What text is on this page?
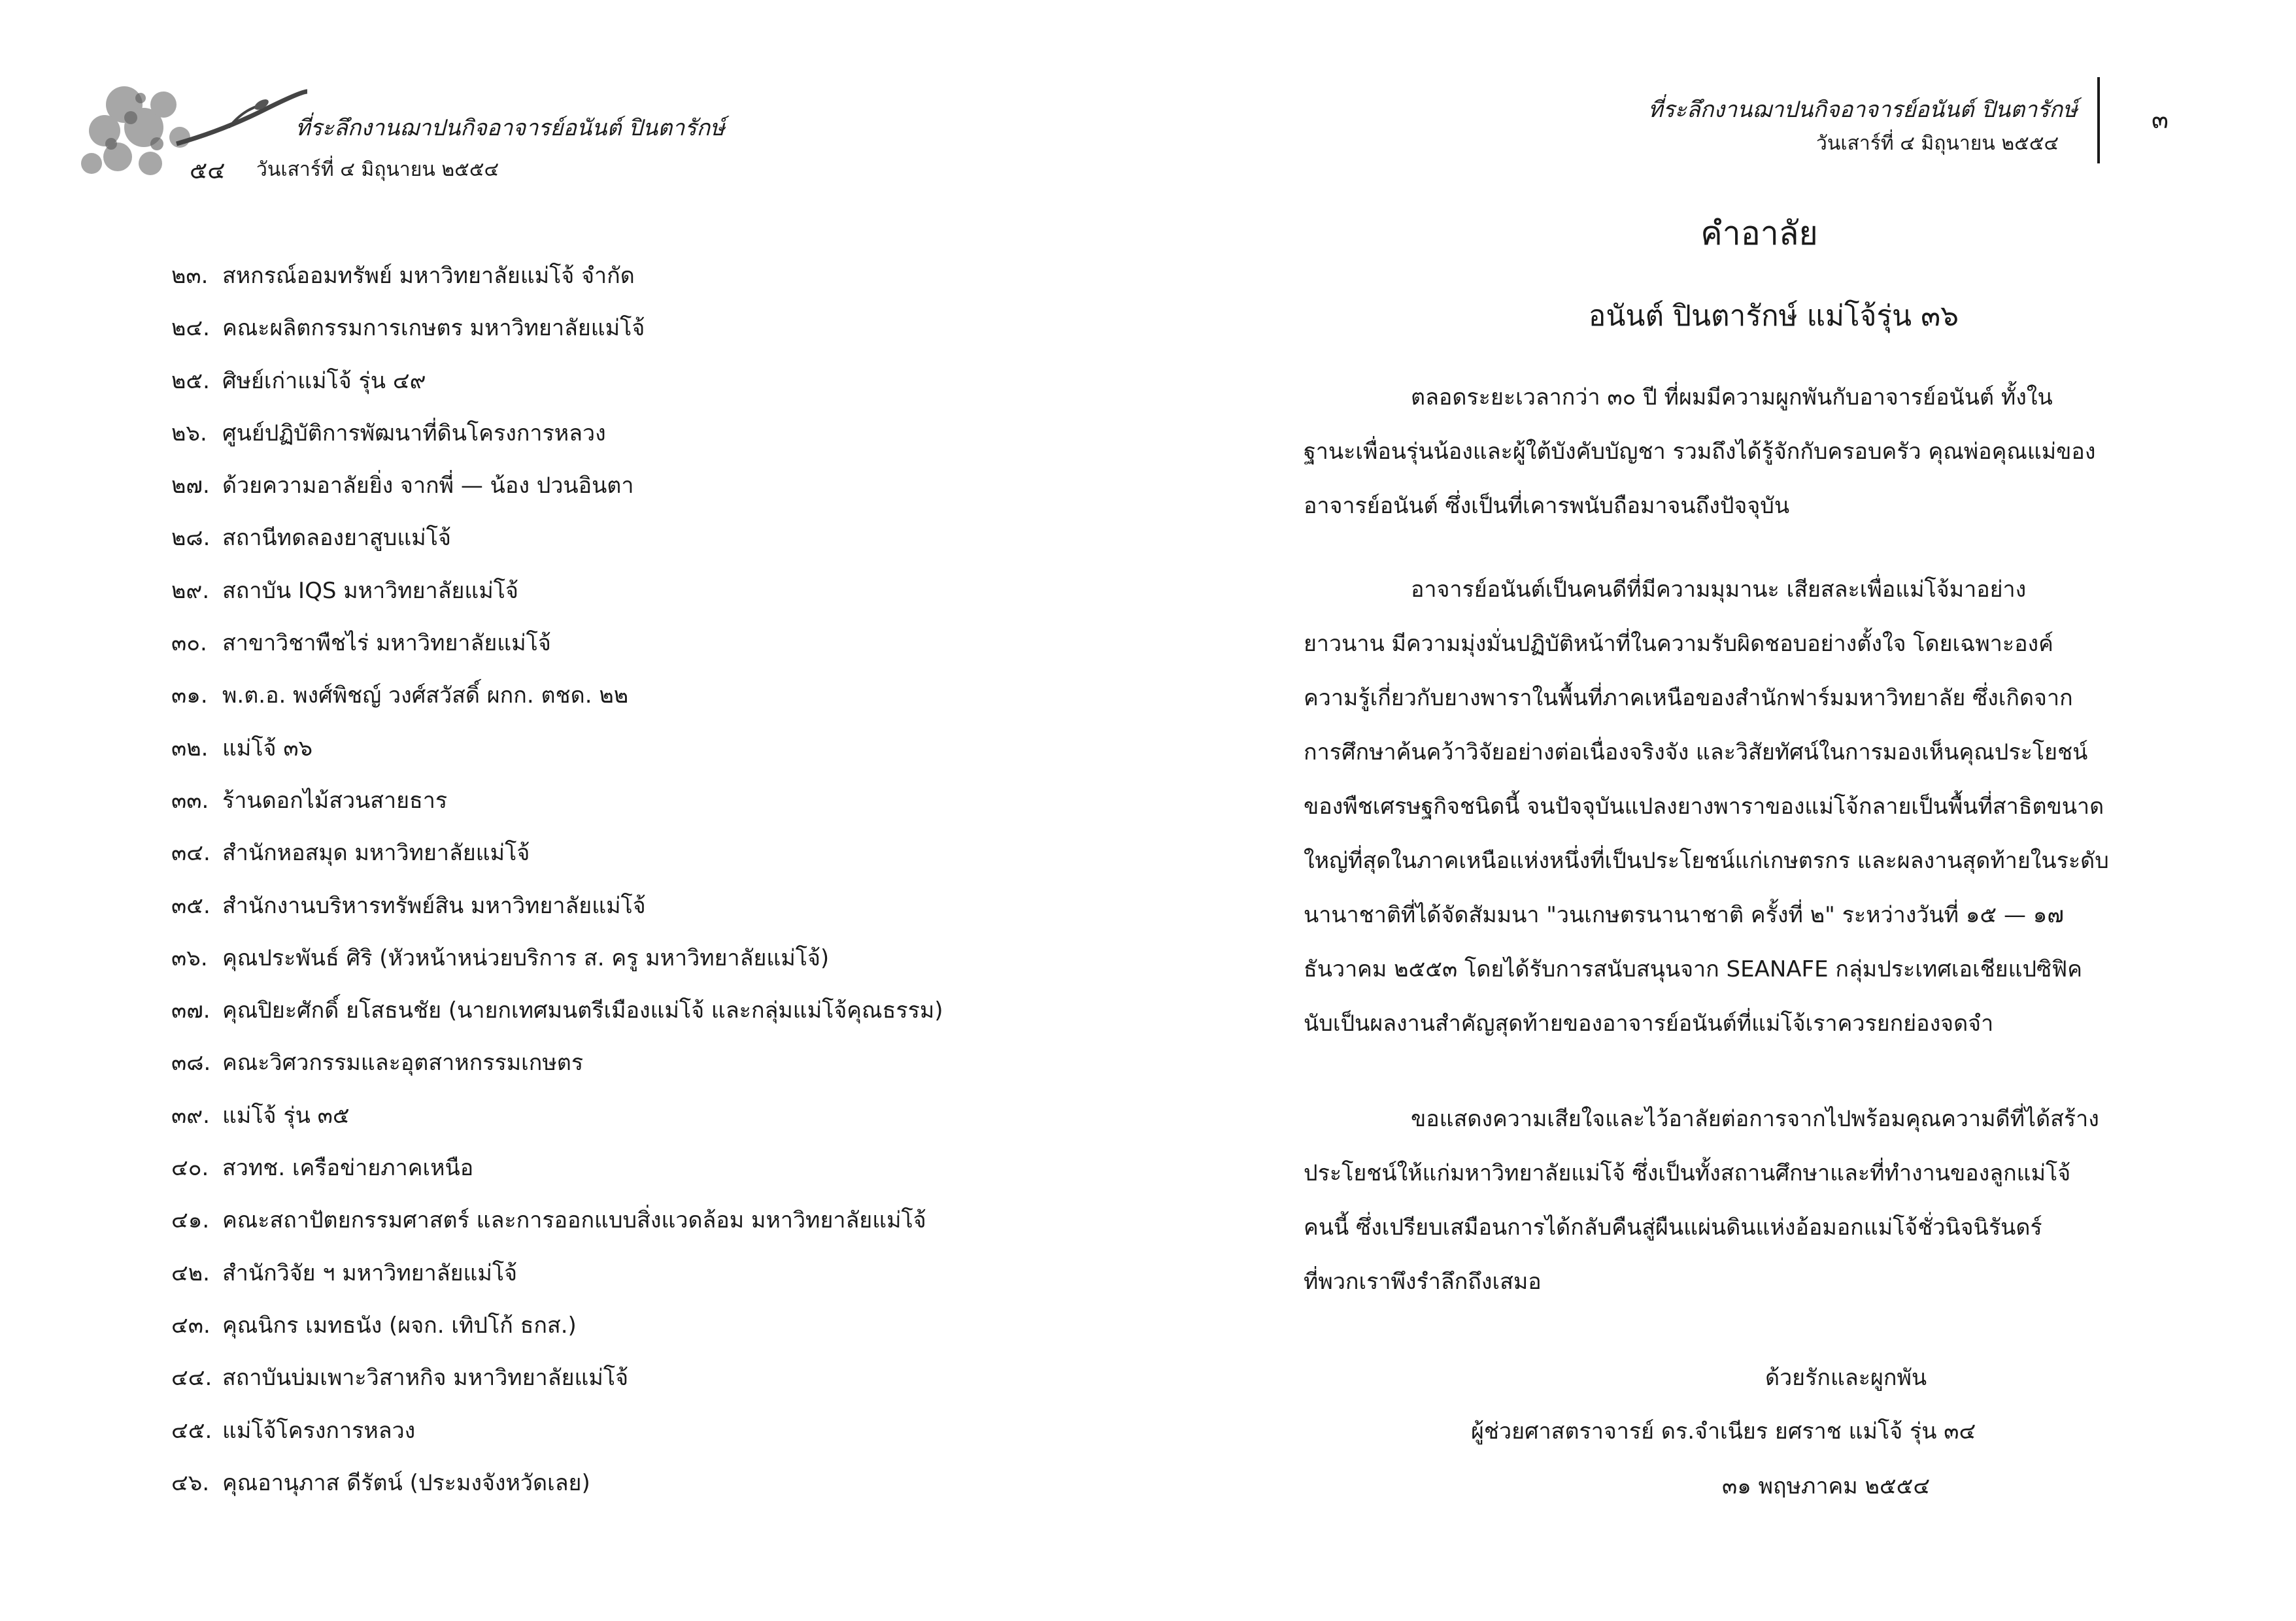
ที่ระลึกงานฌาปนกิจอาจารย์อนันต์ ปินตารักษ์
๕๔ วันเสาร์ที่ ๔ มิถุนายน ๒๕๕๔
๒๓. สหกรณ์ออมทรัพย์ มหาวิทยาลัยแม่โจ้ จำกัด
๒๔. คณะผลิตกรรมการเกษตร มหาวิทยาลัยแม่โจ้
๒๕. ศิษย์เก่าแม่โจ้ รุ่น ๔๙
๒๖. ศูนย์ปฏิบัติการพัฒนาที่ดินโครงการหลวง
๒๗. ด้วยความอาลัยยิ่ง จากพี่ — น้อง ปวนอินตา
๒๘. สถานีทดลองยาสูบแม่โจ้
๒๙. สถาบัน IQS มหาวิทยาลัยแม่โจ้
๓๐. สาขาวิชาพืชไร่ มหาวิทยาลัยแม่โจ้
๓๑. พ.ต.อ. พงศ์พิชญ์ วงศ์สวัสดิ์ ผกก. ตชด. ๒๒
๓๒. แม่โจ้ ๓๖
๓๓. ร้านดอกไม้สวนสายธาร
๓๔. สำนักหอสมุด มหาวิทยาลัยแม่โจ้
๓๕. สำนักงานบริหารทรัพย์สิน มหาวิทยาลัยแม่โจ้
๓๖. คุณประพันธ์ ศิริ (หัวหน้าหน่วยบริการ ส. ครู มหาวิทยาลัยแม่โจ้)
๓๗. คุณปิยะศักดิ์ ยโสธนชัย (นายกเทศมนตรีเมืองแม่โจ้ และกลุ่มแม่โจ้คุณธรรม)
๓๘. คณะวิศวกรรมและอุตสาหกรรมเกษตร
๓๙. แม่โจ้ รุ่น ๓๕
๔๐. สวทช. เครือข่ายภาคเหนือ
๔๑. คณะสถาปัตยกรรมศาสตร์ และการออกแบบสิ่งแวดล้อม มหาวิทยาลัยแม่โจ้
๔๒. สำนักวิจัย ฯ มหาวิทยาลัยแม่โจ้
๔๓. คุณนิกร เมทธนัง (ผจก. เทิปโก้ ธกส.)
๔๔. สถาบันบ่มเพาะวิสาหกิจ มหาวิทยาลัยแม่โจ้
๔๕. แม่โจ้โครงการหลวง
๔๖. คุณอานุภาส ดีรัตน์ (ประมงจังหวัดเลย)
ที่ระลึกงานฌาปนกิจอาจารย์อนันต์ ปินตารักษ์
วันเสาร์ที่ ๔ มิถุนายน ๒๕๕๔
๓
คำอาลัย
อนันต์ ปินตารักษ์ แม่โจ้รุ่น ๓๖

ตลอดระยะเวลากว่า ๓๐ ปี ที่ผมมีความผูกพันกับอาจารย์อนันต์ ทั้งใน
ฐานะเพื่อนรุ่นน้องและผู้ใต้บังคับบัญชา รวมถึงได้รู้จักกับครอบครัว คุณพ่อคุณแม่ของ
อาจารย์อนันต์ ซึ่งเป็นที่เคารพนับถือมาจนถึงปัจจุบัน

อาจารย์อนันต์เป็นคนดีที่มีความมุมานะ เสียสละเพื่อแม่โจ้มาอย่าง
ยาวนาน มีความมุ่งมั่นปฏิบัติหน้าที่ในความรับผิดชอบอย่างตั้งใจ โดยเฉพาะองค์
ความรู้เกี่ยวกับยางพาราในพื้นที่ภาคเหนือของสำนักฟาร์มมหาวิทยาลัย ซึ่งเกิดจาก
การศึกษาค้นคว้าวิจัยอย่างต่อเนื่องจริงจัง และวิสัยทัศน์ในการมองเห็นคุณประโยชน์
ของพืชเศรษฐกิจชนิดนี้ จนปัจจุบันแปลงยางพาราของแม่โจ้กลายเป็นพื้นที่สาธิตขนาด
ใหญ่ที่สุดในภาคเหนือแห่งหนึ่งที่เป็นประโยชน์แก่เกษตรกร และผลงานสุดท้ายในระดับ
นานาชาติที่ได้จัดสัมมนา "วนเกษตรนานาชาติ ครั้งที่ ๒" ระหว่างวันที่ ๑๕ — ๑๗
ธันวาคม ๒๕๕๓ โดยได้รับการสนับสนุนจาก SEANAFE กลุ่มประเทศเอเชียแปซิฟิค
นับเป็นผลงานสำคัญสุดท้ายของอาจารย์อนันต์ที่แม่โจ้เราควรยกย่องจดจำ

ขอแสดงความเสียใจและไว้อาลัยต่อการจากไปพร้อมคุณความดีที่ได้สร้าง
ประโยชน์ให้แก่มหาวิทยาลัยแม่โจ้ ซึ่งเป็นทั้งสถานศึกษาและที่ทำงานของลูกแม่โจ้
คนนี้ ซึ่งเปรียบเสมือนการได้กลับคืนสู่ผืนแผ่นดินแห่งอ้อมอกแม่โจ้ชั่วนิจนิรันดร์
ที่พวกเราพึงรำลึกถึงเสมอ

ด้วยรักและผูกพัน
ผู้ช่วยศาสตราจารย์ ดร.จำเนียร ยศราช แม่โจ้ รุ่น ๓๔
๓๑ พฤษภาคม ๒๕๕๔
